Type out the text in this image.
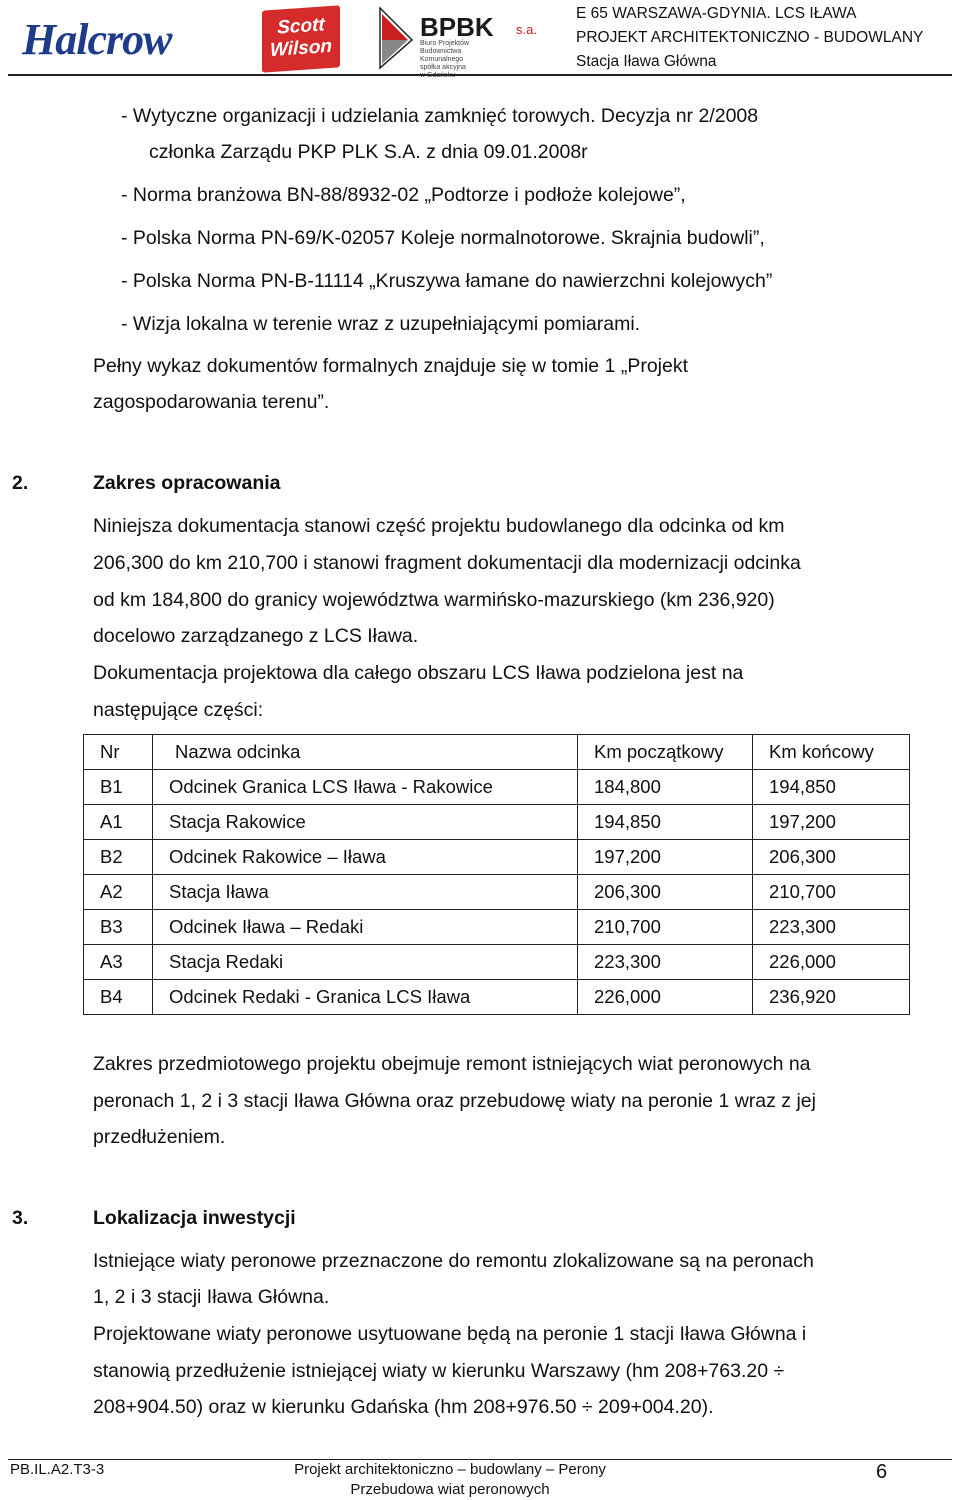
Halcrow	Scott
Wilson
BPBK s.a.
Biuro Projektów Budownictwa Komunalnego spółka akcyjna
E 65 WARSZAWA-GDYNIA. LCS IŁAWA
PROJEKT ARCHITEKTONICZNO - BUDOWLANY
Stacja Iława Główna
- Wytyczne organizacji i udzielania zamknięć torowych. Decyzja nr 2/2008
członka Zarządu PKP PLK S.A. z dnia 09.01.2008r
- Norma branżowa BN-88/8932-02 „Podtorze i podłoże kolejowe”,
- Polska Norma PN-69/K-02057 Koleje normalnotorowe. Skrajnia budowli”,
- Polska Norma PN-B-11114 „Kruszywa łamane do nawierzchni kolejowych”
- Wizja lokalna w terenie wraz z uzupełniającymi pomiarami.
Pełny wykaz dokumentów formalnych znajduje się w tomie 1 „Projekt
zagospodarowania terenu”.
2.	Zakres opracowania
Niniejsza dokumentacja stanowi część projektu budowlanego dla odcinka od km
206,300 do km 210,700 i stanowi fragment dokumentacji dla modernizacji odcinka
od km 184,800 do granicy województwa warmińsko-mazurskiego (km 236,920)
docelowo zarządzanego z LCS Iława.
Dokumentacja projektowa dla całego obszaru LCS Iława podzielona jest na
następujące części:
Nr	Nazwa odcinka	Km początkowy	Km końcowy
B1	Odcinek Granica LCS Iława - Rakowice	184,800	194,850
A1	Stacja Rakowice	194,850	197,200
B2	Odcinek Rakowice – Iława	197,200	206,300
A2	Stacja Iława	206,300	210,700
B3	Odcinek Iława – Redaki	210,700	223,300
A3	Stacja Redaki	223,300	226,000
B4	Odcinek Redaki - Granica LCS Iława	226,000	236,920
Zakres przedmiotowego projektu obejmuje remont istniejących wiat peronowych na
peronach 1, 2 i 3 stacji Iława Główna oraz przebudowę wiaty na peronie 1 wraz z jej
przedłużeniem.
3.	Lokalizacja inwestycji
Istniejące wiaty peronowe przeznaczone do remontu zlokalizowane są na peronach
1, 2 i 3 stacji Iława Główna.
Projektowane wiaty peronowe usytuowane będą na peronie 1 stacji Iława Główna i
stanowią przedłużenie istniejącej wiaty w kierunku Warszawy (hm 208+763.20 ÷
208+904.50) oraz w kierunku Gdańska (hm 208+976.50 ÷ 209+004.20).
PB.IL.A2.T3-3	Projekt architektoniczno – budowlany – Perony
Przebudowa wiat peronowych
6
